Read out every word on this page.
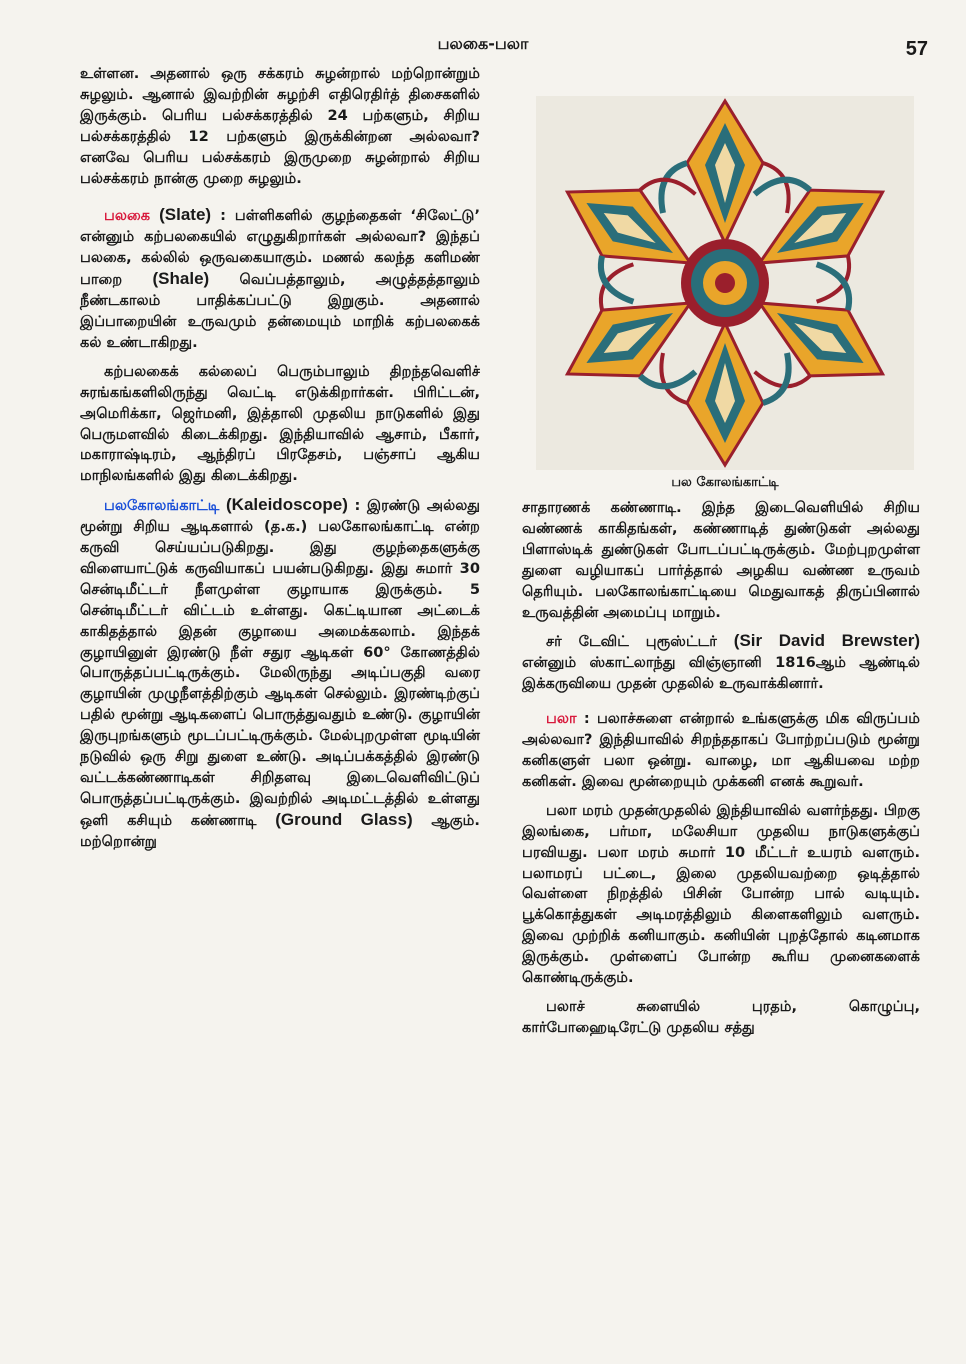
பலகை-பலா	57

உள்ளன. அதனால் ஒரு சக்கரம் சுழன்றால் மற்றொன்றும் சுழலும். ஆனால் இவற்றின் சுழற்சி எதிரெதிர்த் திசைகளில் இருக்கும். பெரிய பல்சக்கரத்தில் 24 பற்களும், சிறிய பல்சக்கரத்தில் 12 பற்களும் இருக்கின்றன அல்லவா? எனவே பெரிய பல்சக்கரம் இருமுறை சுழன்றால் சிறிய பல்சக்கரம் நான்கு முறை சுழலும்.

பலகை (Slate) : பள்ளிகளில் குழந்தைகள் ‘சிலேட்டு’ என்னும் கற்பலகையில் எழுதுகிறார்கள் அல்லவா? இந்தப் பலகை, கல்லில் ஒருவகையாகும். மணல் கலந்த களிமண் பாறை (Shale) வெப்பத்தாலும், அழுத்தத்தாலும் நீண்டகாலம் பாதிக்கப்பட்டு இறுகும். அதனால் இப்பாறையின் உருவமும் தன்மையும் மாறிக் கற்பலகைக் கல் உண்டாகிறது.

கற்பலகைக் கல்லைப் பெரும்பாலும் திறந்தவெளிச் சுரங்கங்களிலிருந்து வெட்டி எடுக்கிறார்கள். பிரிட்டன், அமெரிக்கா, ஜெர்மனி, இத்தாலி முதலிய நாடுகளில் இது பெருமளவில் கிடைக்கிறது. இந்தியாவில் ஆசாம், பீகார், மகாராஷ்டிரம், ஆந்திரப் பிரதேசம், பஞ்சாப் ஆகிய மாநிலங்களில் இது கிடைக்கிறது.

பலகோலங்காட்டி (Kaleidoscope) : இரண்டு அல்லது மூன்று சிறிய ஆடிகளால் (த.க.) பலகோலங்காட்டி என்ற கருவி செய்யப்படுகிறது. இது குழந்தைகளுக்கு விளையாட்டுக் கருவியாகப் பயன்படுகிறது. இது சுமார் 30 சென்டிமீட்டர் நீளமுள்ள குழாயாக இருக்கும். 5 சென்டிமீட்டர் விட்டம் உள்ளது. கெட்டியான அட்டைக் காகிதத்தால் இதன் குழாயை அமைக்கலாம். இந்தக் குழாயினுள் இரண்டு நீள் சதுர ஆடிகள் 60° கோணத்தில் பொருத்தப்பட்டிருக்கும். மேலிருந்து அடிப்பகுதி வரை குழாயின் முழுநீளத்திற்கும் ஆடிகள் செல்லும். இரண்டிற்குப் பதில் மூன்று ஆடிகளைப் பொருத்துவதும் உண்டு. குழாயின் இருபுறங்களும் மூடப்பட்டிருக்கும். மேல்புறமுள்ள மூடியின் நடுவில் ஒரு சிறு துளை உண்டு. அடிப்பக்கத்தில் இரண்டு வட்டக்கண்ணாடிகள் சிறிதளவு இடைவெளிவிட்டுப் பொருத்தப்பட்டிருக்கும். இவற்றில் அடிமட்டத்தில் உள்ளது ஒளி கசியும் கண்ணாடி (Ground Glass) ஆகும். மற்றொன்று

பல கோலங்காட்டி

சாதாரணக் கண்ணாடி. இந்த இடைவெளியில் சிறிய வண்ணக் காகிதங்கள், கண்ணாடித் துண்டுகள் அல்லது பிளாஸ்டிக் துண்டுகள் போடப்பட்டிருக்கும். மேற்புறமுள்ள துளை வழியாகப் பார்த்தால் அழகிய வண்ண உருவம் தெரியும். பலகோலங்காட்டியை மெதுவாகத் திருப்பினால் உருவத்தின் அமைப்பு மாறும்.

சர் டேவிட் புரூஸ்ட்டர் (Sir David Brewster) என்னும் ஸ்காட்லாந்து விஞ்ஞானி 1816ஆம் ஆண்டில் இக்கருவியை முதன் முதலில் உருவாக்கினார்.

பலா : பலாச்சுளை என்றால் உங்களுக்கு மிக விருப்பம் அல்லவா? இந்தியாவில் சிறந்ததாகப் போற்றப்படும் மூன்று கனிகளுள் பலா ஒன்று. வாழை, மா ஆகியவை மற்ற கனிகள். இவை மூன்றையும் முக்கனி எனக் கூறுவர்.

பலா மரம் முதன்முதலில் இந்தியாவில் வளர்ந்தது. பிறகு இலங்கை, பர்மா, மலேசியா முதலிய நாடுகளுக்குப் பரவியது. பலா மரம் சுமார் 10 மீட்டர் உயரம் வளரும். பலாமரப் பட்டை, இலை முதலியவற்றை ஒடித்தால் வெள்ளை நிறத்தில் பிசின் போன்ற பால் வடியும். பூக்கொத்துகள் அடிமரத்திலும் கிளைகளிலும் வளரும். இவை முற்றிக் கனியாகும். கனியின் புறத்தோல் கடினமாக இருக்கும். முள்ளைப் போன்ற கூரிய முனைகளைக் கொண்டிருக்கும்.

பலாச் சுளையில் புரதம், கொழுப்பு, கார்போஹைடிரேட்டு முதலிய சத்து
